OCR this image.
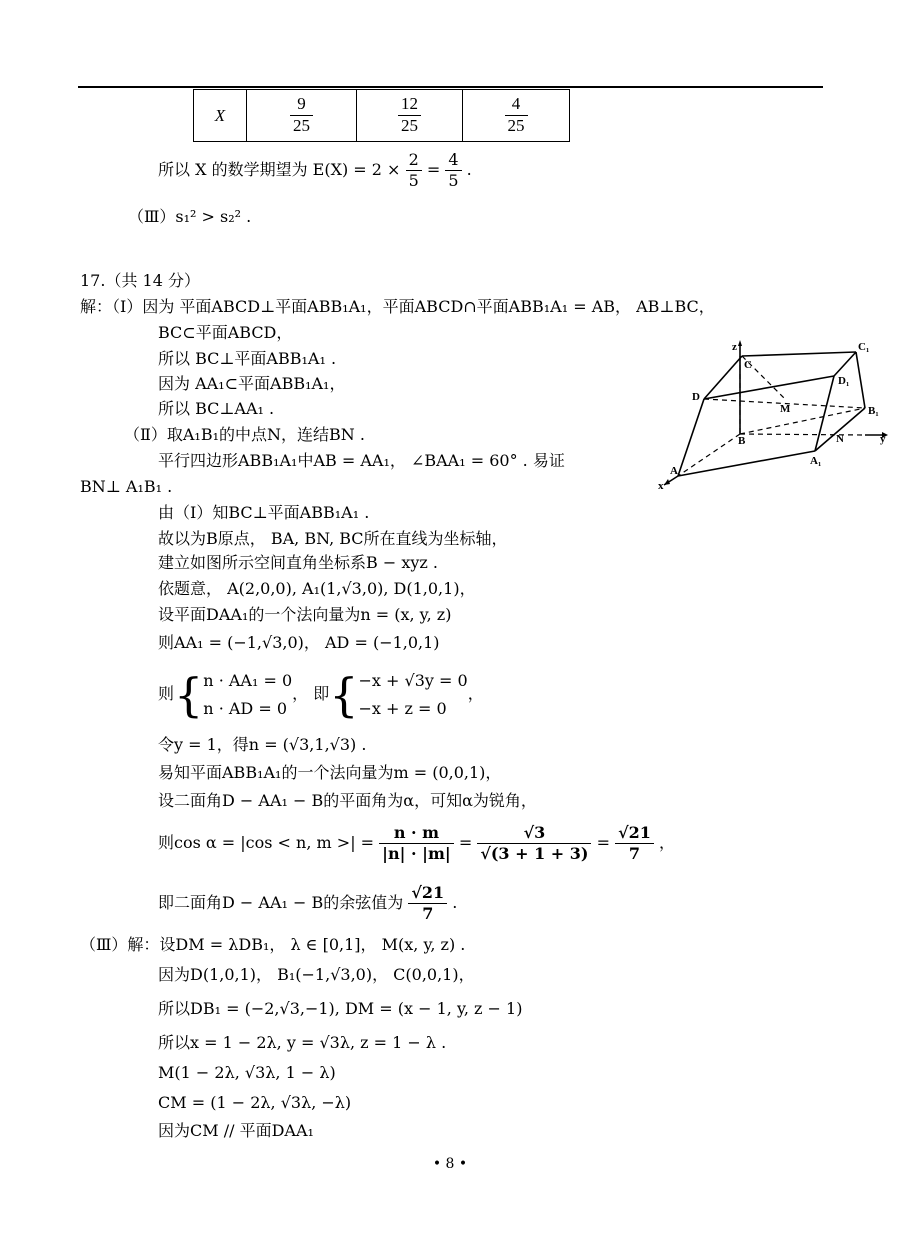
X	$\frac{9}{25}$	$\frac{12}{25}$	$\frac{4}{25}$
所以 X 的数学期望为 $E(X) = 2 \times \frac{2}{5} = \frac{4}{5}$ .
（Ⅲ）s₁² > s₂² .
17.（共 14 分）
解：（Ⅰ）因为 平面ABCD⊥平面ABB₁A₁，平面ABCD∩平面ABB₁A₁ = AB， AB⊥BC，
BC⊂平面ABCD，
所以 BC⊥平面ABB₁A₁ .
因为 AA₁⊂平面ABB₁A₁，
所以 BC⊥AA₁ .
（Ⅱ）取A₁B₁的中点N，连结BN .
平行四边形ABB₁A₁中AB = AA₁， ∠BAA₁ = 60° . 易证
BN⊥ A₁B₁ .
由（Ⅰ）知BC⊥平面ABB₁A₁ .
故以为B原点， BA, BN, BC所在直线为坐标轴，
建立如图所示空间直角坐标系B − xyz .
依题意， A(2,0,0), A₁(1,√3,0), D(1,0,1)，
设平面DAA₁的一个法向量为n = (x, y, z)
则AA₁ = (−1,√3,0)， AD = (−1,0,1)
则{ n · AA₁ = 0
n · AD = 0
， 即{ −x + √3y = 0
−x + z = 0
，
令y = 1，得n = (√3,1,√3) .
易知平面ABB₁A₁的一个法向量为m = (0,0,1)，
设二面角D − AA₁ − B的平面角为α，可知α为锐角，
则cos α = |cos < n, m >| = $\frac{n \cdot m}{|n| \cdot |m|} = \frac{√3}{√(3 + 1 + 3)} = \frac{√21}{7}$ ，
即二面角D − AA₁ − B的余弦值为 $\frac{√21}{7}$ .
（Ⅲ）解：设DM = λDB₁， λ ∈ [0,1]， M(x, y, z) .
因为D(1,0,1)， B₁(−1,√3,0)， C(0,0,1)，
所以DB₁ = (−2,√3,−1), DM = (x − 1, y, z − 1)
所以x = 1 − 2λ, y = √3λ, z = 1 − λ .
M(1 − 2λ, √3λ, 1 − λ)
CM = (1 − 2λ, √3λ, −λ)
因为CM // 平面DAA₁
z
C
C₁
D
D₁
M
B
B₁
N	y
A
A₁
x
• 8 •
